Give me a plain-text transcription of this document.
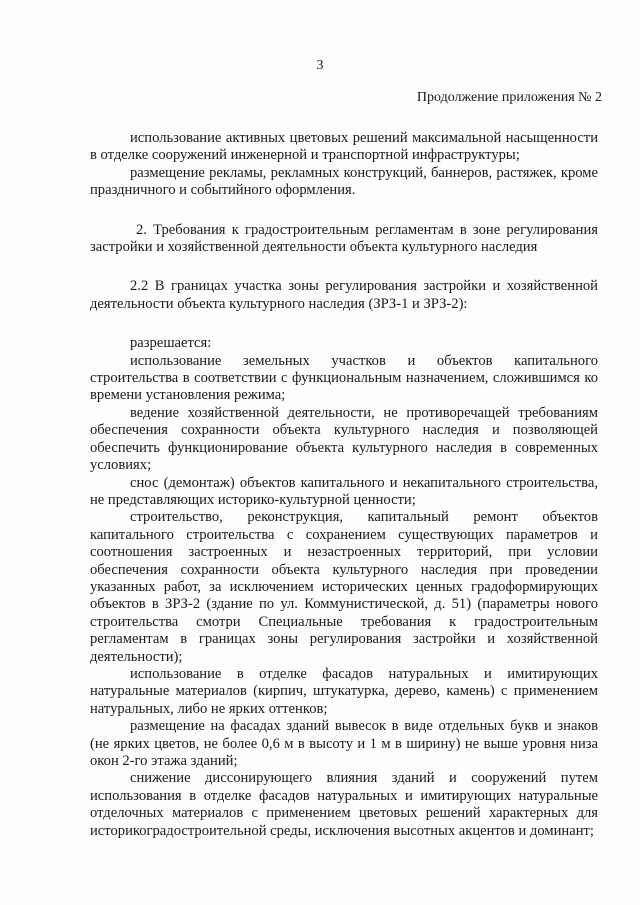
3
Продолжение приложения № 2

использование активных цветовых решений максимальной насыщенности в отделке сооружений инженерной и транспортной инфраструктуры;

размещение рекламы, рекламных конструкций, баннеров, растяжек, кроме праздничного и событийного оформления.

2. Требования к градостроительным регламентам в зоне регулирования застройки и хозяйственной деятельности объекта культурного наследия

2.2 В границах участка зоны регулирования застройки и хозяйственной деятельности объекта культурного наследия (ЗРЗ-1 и ЗРЗ-2):

разрешается:

использование земельных участков и объектов капитального строительства в соответствии с функциональным назначением, сложившимся ко времени установления режима;

ведение хозяйственной деятельности, не противоречащей требованиям обеспечения сохранности объекта культурного наследия и позволяющей обеспечить функционирование объекта культурного наследия в современных условиях;

снос (демонтаж) объектов капитального и некапитального строительства, не представляющих историко-культурной ценности;

строительство, реконструкция, капитальный ремонт объектов капитального строительства с сохранением существующих параметров и соотношения застроенных и незастроенных территорий, при условии обеспечения сохранности объекта культурного наследия при проведении указанных работ, за исключением исторических ценных градоформирующих объектов в ЗРЗ-2 (здание по ул. Коммунистической, д. 51) (параметры нового строительства смотри Специальные требования к градостроительным регламентам в границах зоны регулирования застройки и хозяйственной деятельности);

использование в отделке фасадов натуральных и имитирующих натуральные материалов (кирпич, штукатурка, дерево, камень) с применением натуральных, либо не ярких оттенков;

размещение на фасадах зданий вывесок в виде отдельных букв и знаков (не ярких цветов, не более 0,6 м в высоту и 1 м в ширину) не выше уровня низа окон 2-го этажа зданий;

снижение диссонирующего влияния зданий и сооружений путем использования в отделке фасадов натуральных и имитирующих натуральные отделочных материалов с применением цветовых решений характерных для историкоградостроительной среды, исключения высотных акцентов и доминант;
